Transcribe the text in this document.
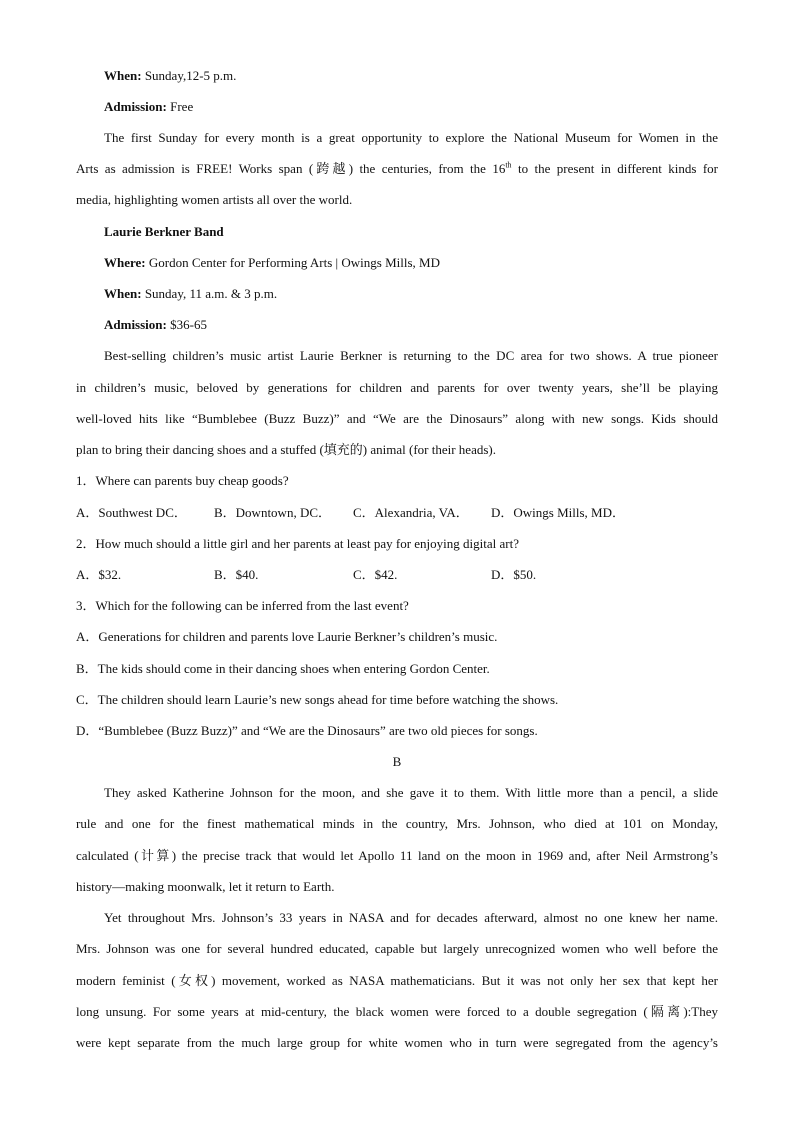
When: Sunday,12-5 p.m.
Admission: Free
The first Sunday for every month is a great opportunity to explore the National Museum for Women in the
Arts as admission is FREE! Works span (跨越) the centuries, from the 16th to the present in different kinds for
media, highlighting women artists all over the world.
Laurie Berkner Band
Where: Gordon Center for Performing Arts | Owings Mills, MD
When: Sunday, 11 a.m. & 3 p.m.
Admission: $36-65
Best-selling children’s music artist Laurie Berkner is returning to the DC area for two shows. A true pioneer
in children’s music, beloved by generations for children and parents for over twenty years, she’ll be playing
well-loved hits like “Bumblebee (Buzz Buzz)” and “We are the Dinosaurs” along with new songs. Kids should
plan to bring their dancing shoes and a stuffed (填充的) animal (for their heads).
1．Where can parents buy cheap goods?
A．Southwest DC． B．Downtown, DC． C．Alexandria, VA． D．Owings Mills, MD．
2．How much should a little girl and her parents at least pay for enjoying digital art?
A．$32.	B．$40.	C．$42.	D．$50.
3．Which for the following can be inferred from the last event?
A．Generations for children and parents love Laurie Berkner’s children’s music.
B．The kids should come in their dancing shoes when entering Gordon Center.
C．The children should learn Laurie’s new songs ahead for time before watching the shows.
D．“Bumblebee (Buzz Buzz)” and “We are the Dinosaurs” are two old pieces for songs.
B
They asked Katherine Johnson for the moon, and she gave it to them. With little more than a pencil, a slide
rule and one for the finest mathematical minds in the country, Mrs. Johnson, who died at 101 on Monday,
calculated (计算) the precise track that would let Apollo 11 land on the moon in 1969 and, after Neil Armstrong’s
history—making moonwalk, let it return to Earth.
Yet throughout Mrs. Johnson’s 33 years in NASA and for decades afterward, almost no one knew her name.
Mrs. Johnson was one for several hundred educated, capable but largely unrecognized women who well before the
modern feminist (女权) movement, worked as NASA mathematicians. But it was not only her sex that kept her
long unsung. For some years at mid-century, the black women were forced to a double segregation (隔离):They
were kept separate from the much large group for white women who in turn were segregated from the agency’s
